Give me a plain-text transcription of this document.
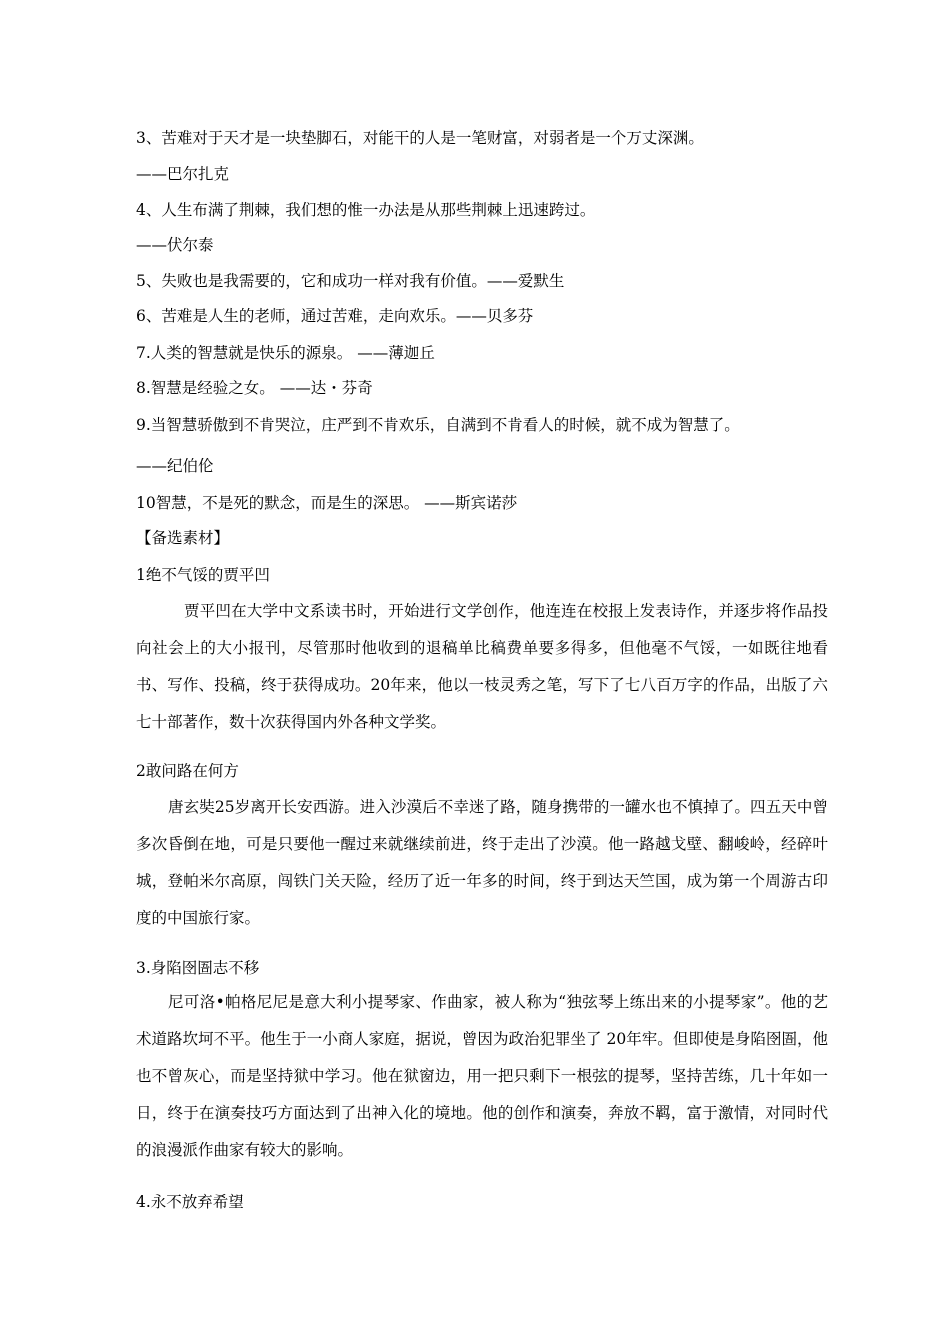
3、苦难对于天才是一块垫脚石，对能干的人是一笔财富，对弱者是一个万丈深渊。
——巴尔扎克
4、人生布满了荆棘，我们想的惟一办法是从那些荆棘上迅速跨过。
——伏尔泰
5、失败也是我需要的，它和成功一样对我有价值。——爱默生
6、苦难是人生的老师，通过苦难，走向欢乐。——贝多芬
7.人类的智慧就是快乐的源泉。 ——薄迦丘
8.智慧是经验之女。 ——达・芬奇
9.当智慧骄傲到不肯哭泣，庄严到不肯欢乐，自满到不肯看人的时候，就不成为智慧了。
——纪伯伦
10智慧，不是死的默念，而是生的深思。 ——斯宾诺莎
【备选素材】
1绝不气馁的贾平凹
贾平凹在大学中文系读书时，开始进行文学创作，他连连在校报上发表诗作，并逐步将作品投向社会上的大小报刊，尽管那时他收到的退稿单比稿费单要多得多，但他毫不气馁，一如既往地看书、写作、投稿，终于获得成功。20年来，他以一枝灵秀之笔，写下了七八百万字的作品，出版了六七十部著作，数十次获得国内外各种文学奖。
2敢问路在何方
唐玄奘25岁离开长安西游。进入沙漠后不幸迷了路，随身携带的一罐水也不慎掉了。四五天中曾多次昏倒在地，可是只要他一醒过来就继续前进，终于走出了沙漠。他一路越戈壁、翻峻岭，经碎叶城，登帕米尔高原，闯铁门关天险，经历了近一年多的时间，终于到达天竺国，成为第一个周游古印度的中国旅行家。
3.身陷囹圄志不移
尼可洛•帕格尼尼是意大利小提琴家、作曲家，被人称为“独弦琴上练出来的小提琴家”。他的艺术道路坎坷不平。他生于一小商人家庭，据说，曾因为政治犯罪坐了 20年牢。但即使是身陷囹圄，他也不曾灰心，而是坚持狱中学习。他在狱窗边，用一把只剩下一根弦的提琴，坚持苦练，几十年如一日，终于在演奏技巧方面达到了出神入化的境地。他的创作和演奏，奔放不羁，富于激情，对同时代的浪漫派作曲家有较大的影响。
4.永不放弃希望
